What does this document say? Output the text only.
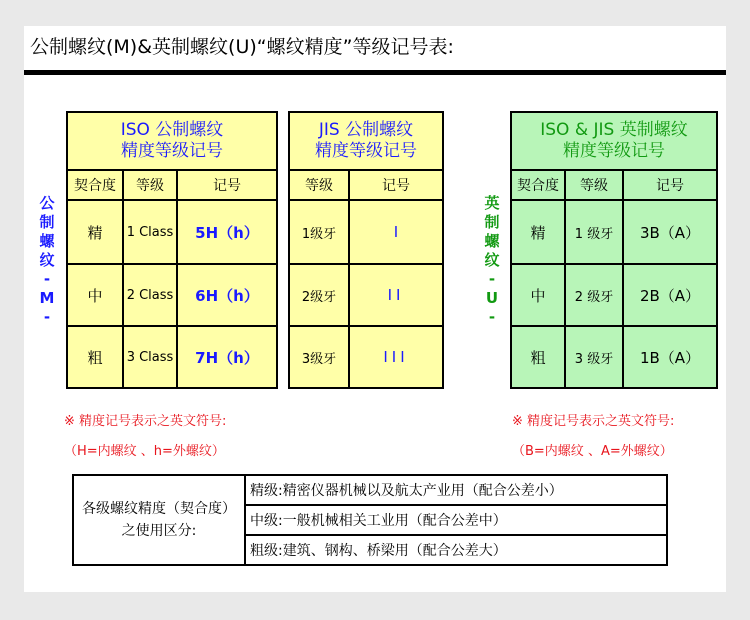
公制螺纹(M)&英制螺纹(U)“螺纹精度”等级记号表:
公
制
螺
纹
-
M
-
ISO 公制螺纹
精度等级记号		

契合度	等级	记号
精	1 Class	5H（h）
中	2 Class	6H（h）
粗	3 Class	7H（h）
JIS 公制螺纹
精度等级记号	

等级	记号
1级牙	I
2级牙	II
3级牙	III
英
制
螺
纹
-
U
-
ISO & JIS 英制螺纹
精度等级记号		

契合度	等级	记号
精	1 级牙	3B（A）
中	2 级牙	2B（A）
粗	3 级牙	1B（A）
※ 精度记号表示之英文符号:
（H=内螺纹 、h=外螺纹）
※ 精度记号表示之英文符号:
（B=内螺纹 、A=外螺纹）
各级螺纹精度（契合度）之使用区分:	精级:精密仪器机械以及航太产业用（配合公差小）
中级:一般机械相关工业用（配合公差中）
粗级:建筑、钢构、桥梁用（配合公差大）
